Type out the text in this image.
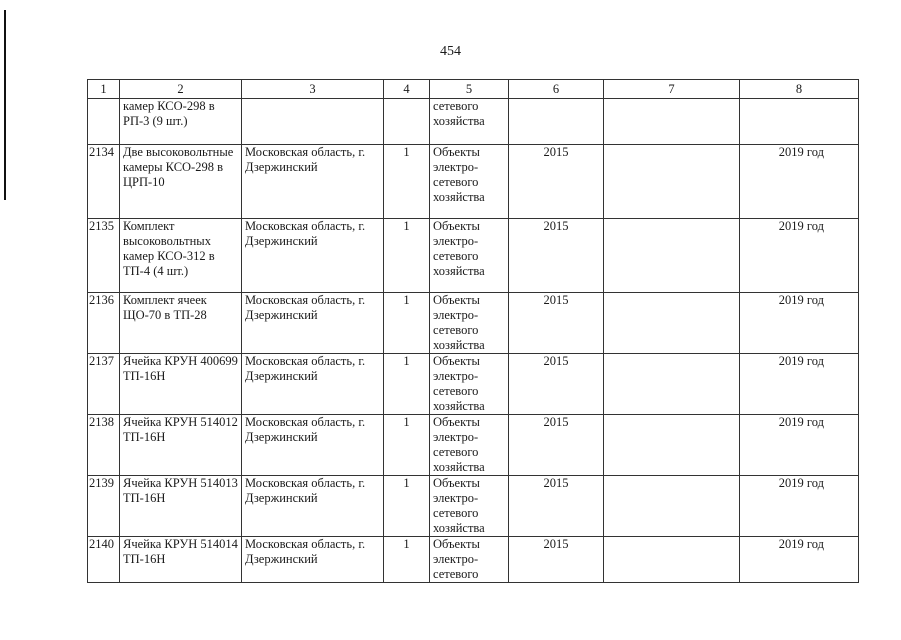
454
1	2	3	4	5	6	7	8
	камер КСО-298 в РП-3 (9 шт.)			сетевого хозяйства			
2134	Две высоковольтные камеры КСО-298 в ЦРП-10	Московская область, г. Дзержинский	1	Объекты электро-сетевого хозяйства	2015		2019 год
2135	Комплект высоковольтных камер КСО-312 в ТП-4 (4 шт.)	Московская область, г. Дзержинский	1	Объекты электро-сетевого хозяйства	2015		2019 год
2136	Комплект ячеек ЩО-70 в ТП-28	Московская область, г. Дзержинский	1	Объекты электро-сетевого хозяйства	2015		2019 год
2137	Ячейка КРУН 400699 ТП-16Н	Московская область, г. Дзержинский	1	Объекты электро-сетевого хозяйства	2015		2019 год
2138	Ячейка КРУН 514012 ТП-16Н	Московская область, г. Дзержинский	1	Объекты электро-сетевого хозяйства	2015		2019 год
2139	Ячейка КРУН 514013 ТП-16Н	Московская область, г. Дзержинский	1	Объекты электро-сетевого хозяйства	2015		2019 год
2140	Ячейка КРУН 514014 ТП-16Н	Московская область, г. Дзержинский	1	Объекты электро-сетевого	2015		2019 год
